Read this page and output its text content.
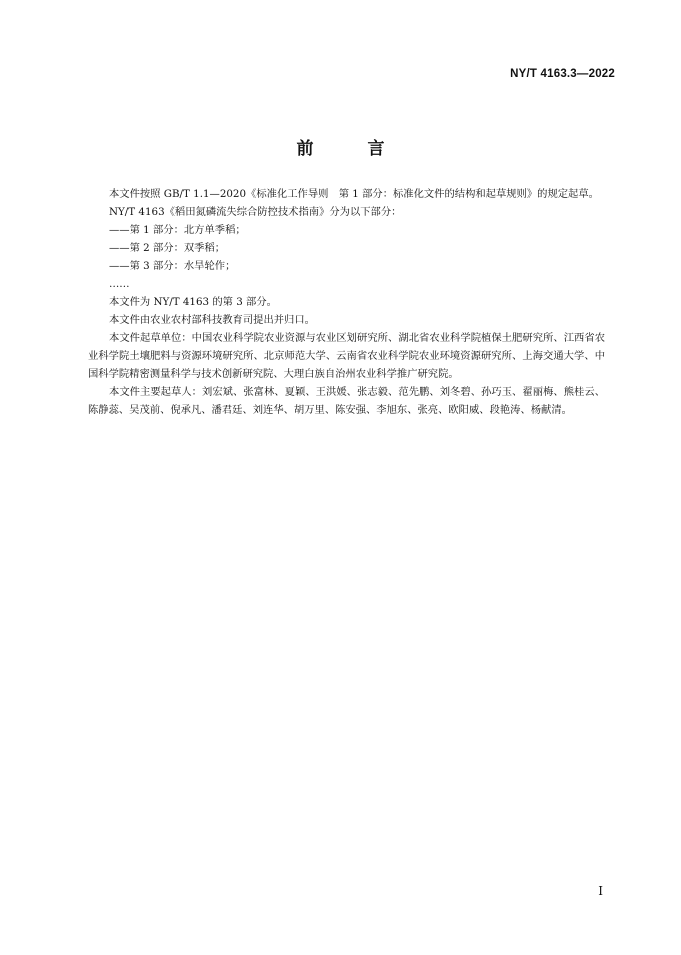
NY/T 4163.3—2022
前 言

本文件按照 GB/T 1.1—2020《标准化工作导则　第 1 部分：标准化文件的结构和起草规则》的规定起草。

NY/T 4163《稻田氮磷流失综合防控技术指南》分为以下部分：

——第 1 部分：北方单季稻；

——第 2 部分：双季稻；

——第 3 部分：水旱轮作；

……

本文件为 NY/T 4163 的第 3 部分。

本文件由农业农村部科技教育司提出并归口。

本文件起草单位：中国农业科学院农业资源与农业区划研究所、湖北省农业科学院植保土肥研究所、江西省农业科学院土壤肥料与资源环境研究所、北京师范大学、云南省农业科学院农业环境资源研究所、上海交通大学、中国科学院精密测量科学与技术创新研究院、大理白族自治州农业科学推广研究院。

本文件主要起草人：刘宏斌、张富林、夏颖、王洪媛、张志毅、范先鹏、刘冬碧、孙巧玉、翟丽梅、熊桂云、陈静蕊、吴茂前、倪承凡、潘君廷、刘连华、胡万里、陈安强、李旭东、张亮、欧阳威、段艳涛、杨献清。

I
